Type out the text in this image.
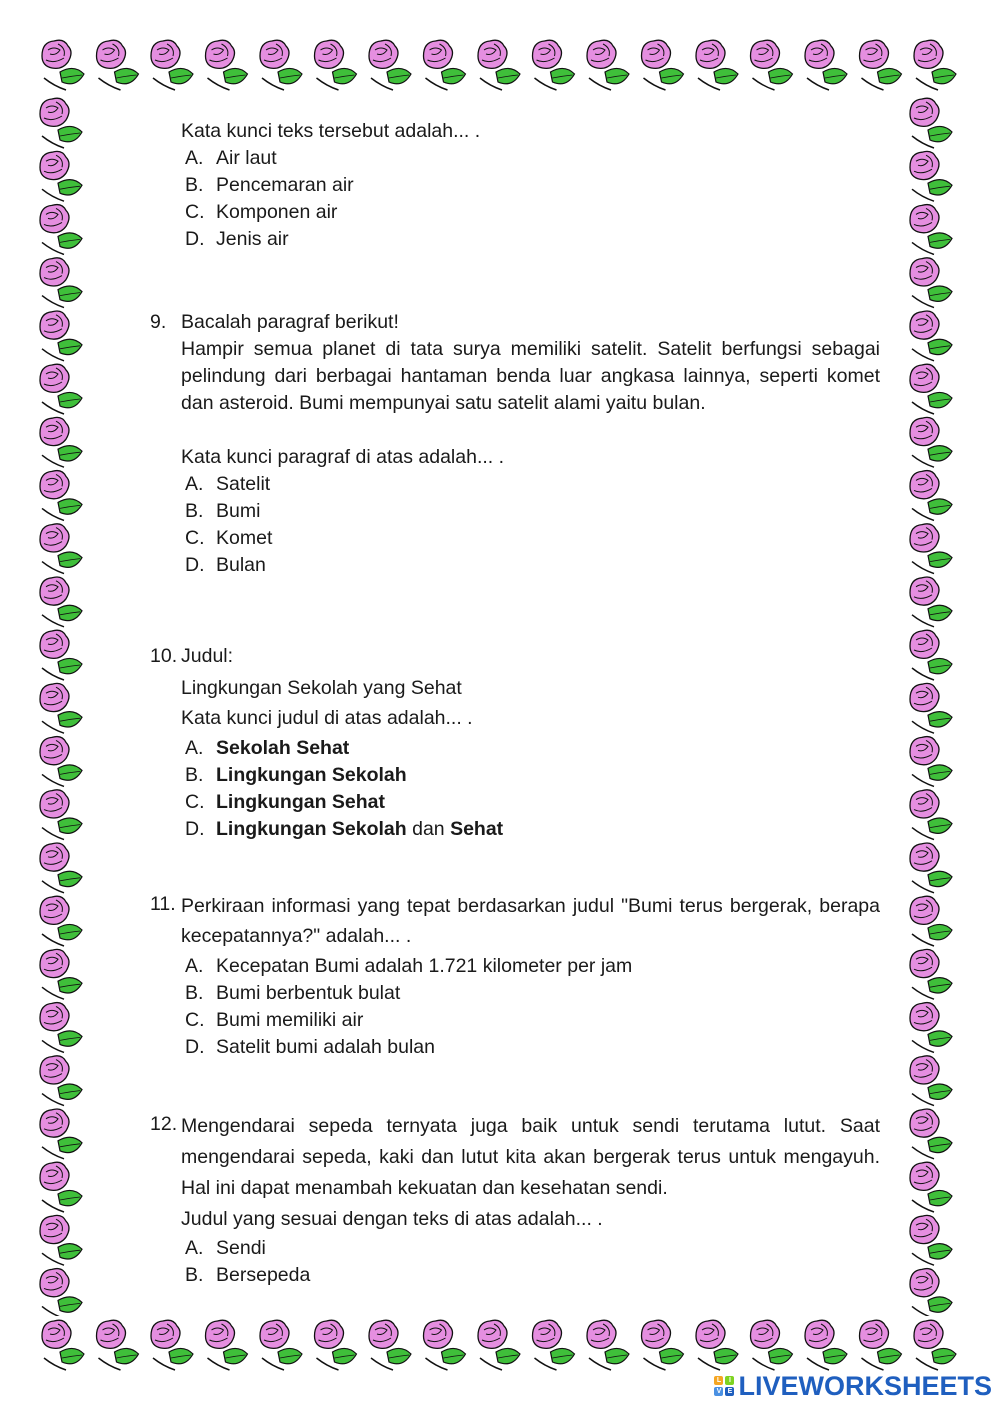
Kata kunci teks tersebut adalah... .
A. Air laut
B. Pencemaran air
C. Komponen air
D. Jenis air
9. Bacalah paragraf berikut!
Hampir semua planet di tata surya memiliki satelit. Satelit berfungsi sebagai pelindung dari berbagai hantaman benda luar angkasa lainnya, seperti komet dan asteroid. Bumi mempunyai satu satelit alami yaitu bulan.
Kata kunci paragraf di atas adalah... .
A. Satelit
B. Bumi
C. Komet
D. Bulan
10. Judul:
Lingkungan Sekolah yang Sehat
Kata kunci judul di atas adalah... .
A. Sekolah Sehat
B. Lingkungan Sekolah
C. Lingkungan Sehat
D. Lingkungan Sekolah dan Sehat
11. Perkiraan informasi yang tepat berdasarkan judul "Bumi terus bergerak, berapa kecepatannya?" adalah... .
A. Kecepatan Bumi adalah 1.721 kilometer per jam
B. Bumi berbentuk bulat
C. Bumi memiliki air
D. Satelit bumi adalah bulan
12. Mengendarai sepeda ternyata juga baik untuk sendi terutama lutut. Saat mengendarai sepeda, kaki dan lutut kita akan bergerak terus untuk mengayuh. Hal ini dapat menambah kekuatan dan kesehatan sendi.
Judul yang sesuai dengan teks di atas adalah... .
A. Sendi
B. Bersepeda
L	I
V E LIVEWORKSHEETS
